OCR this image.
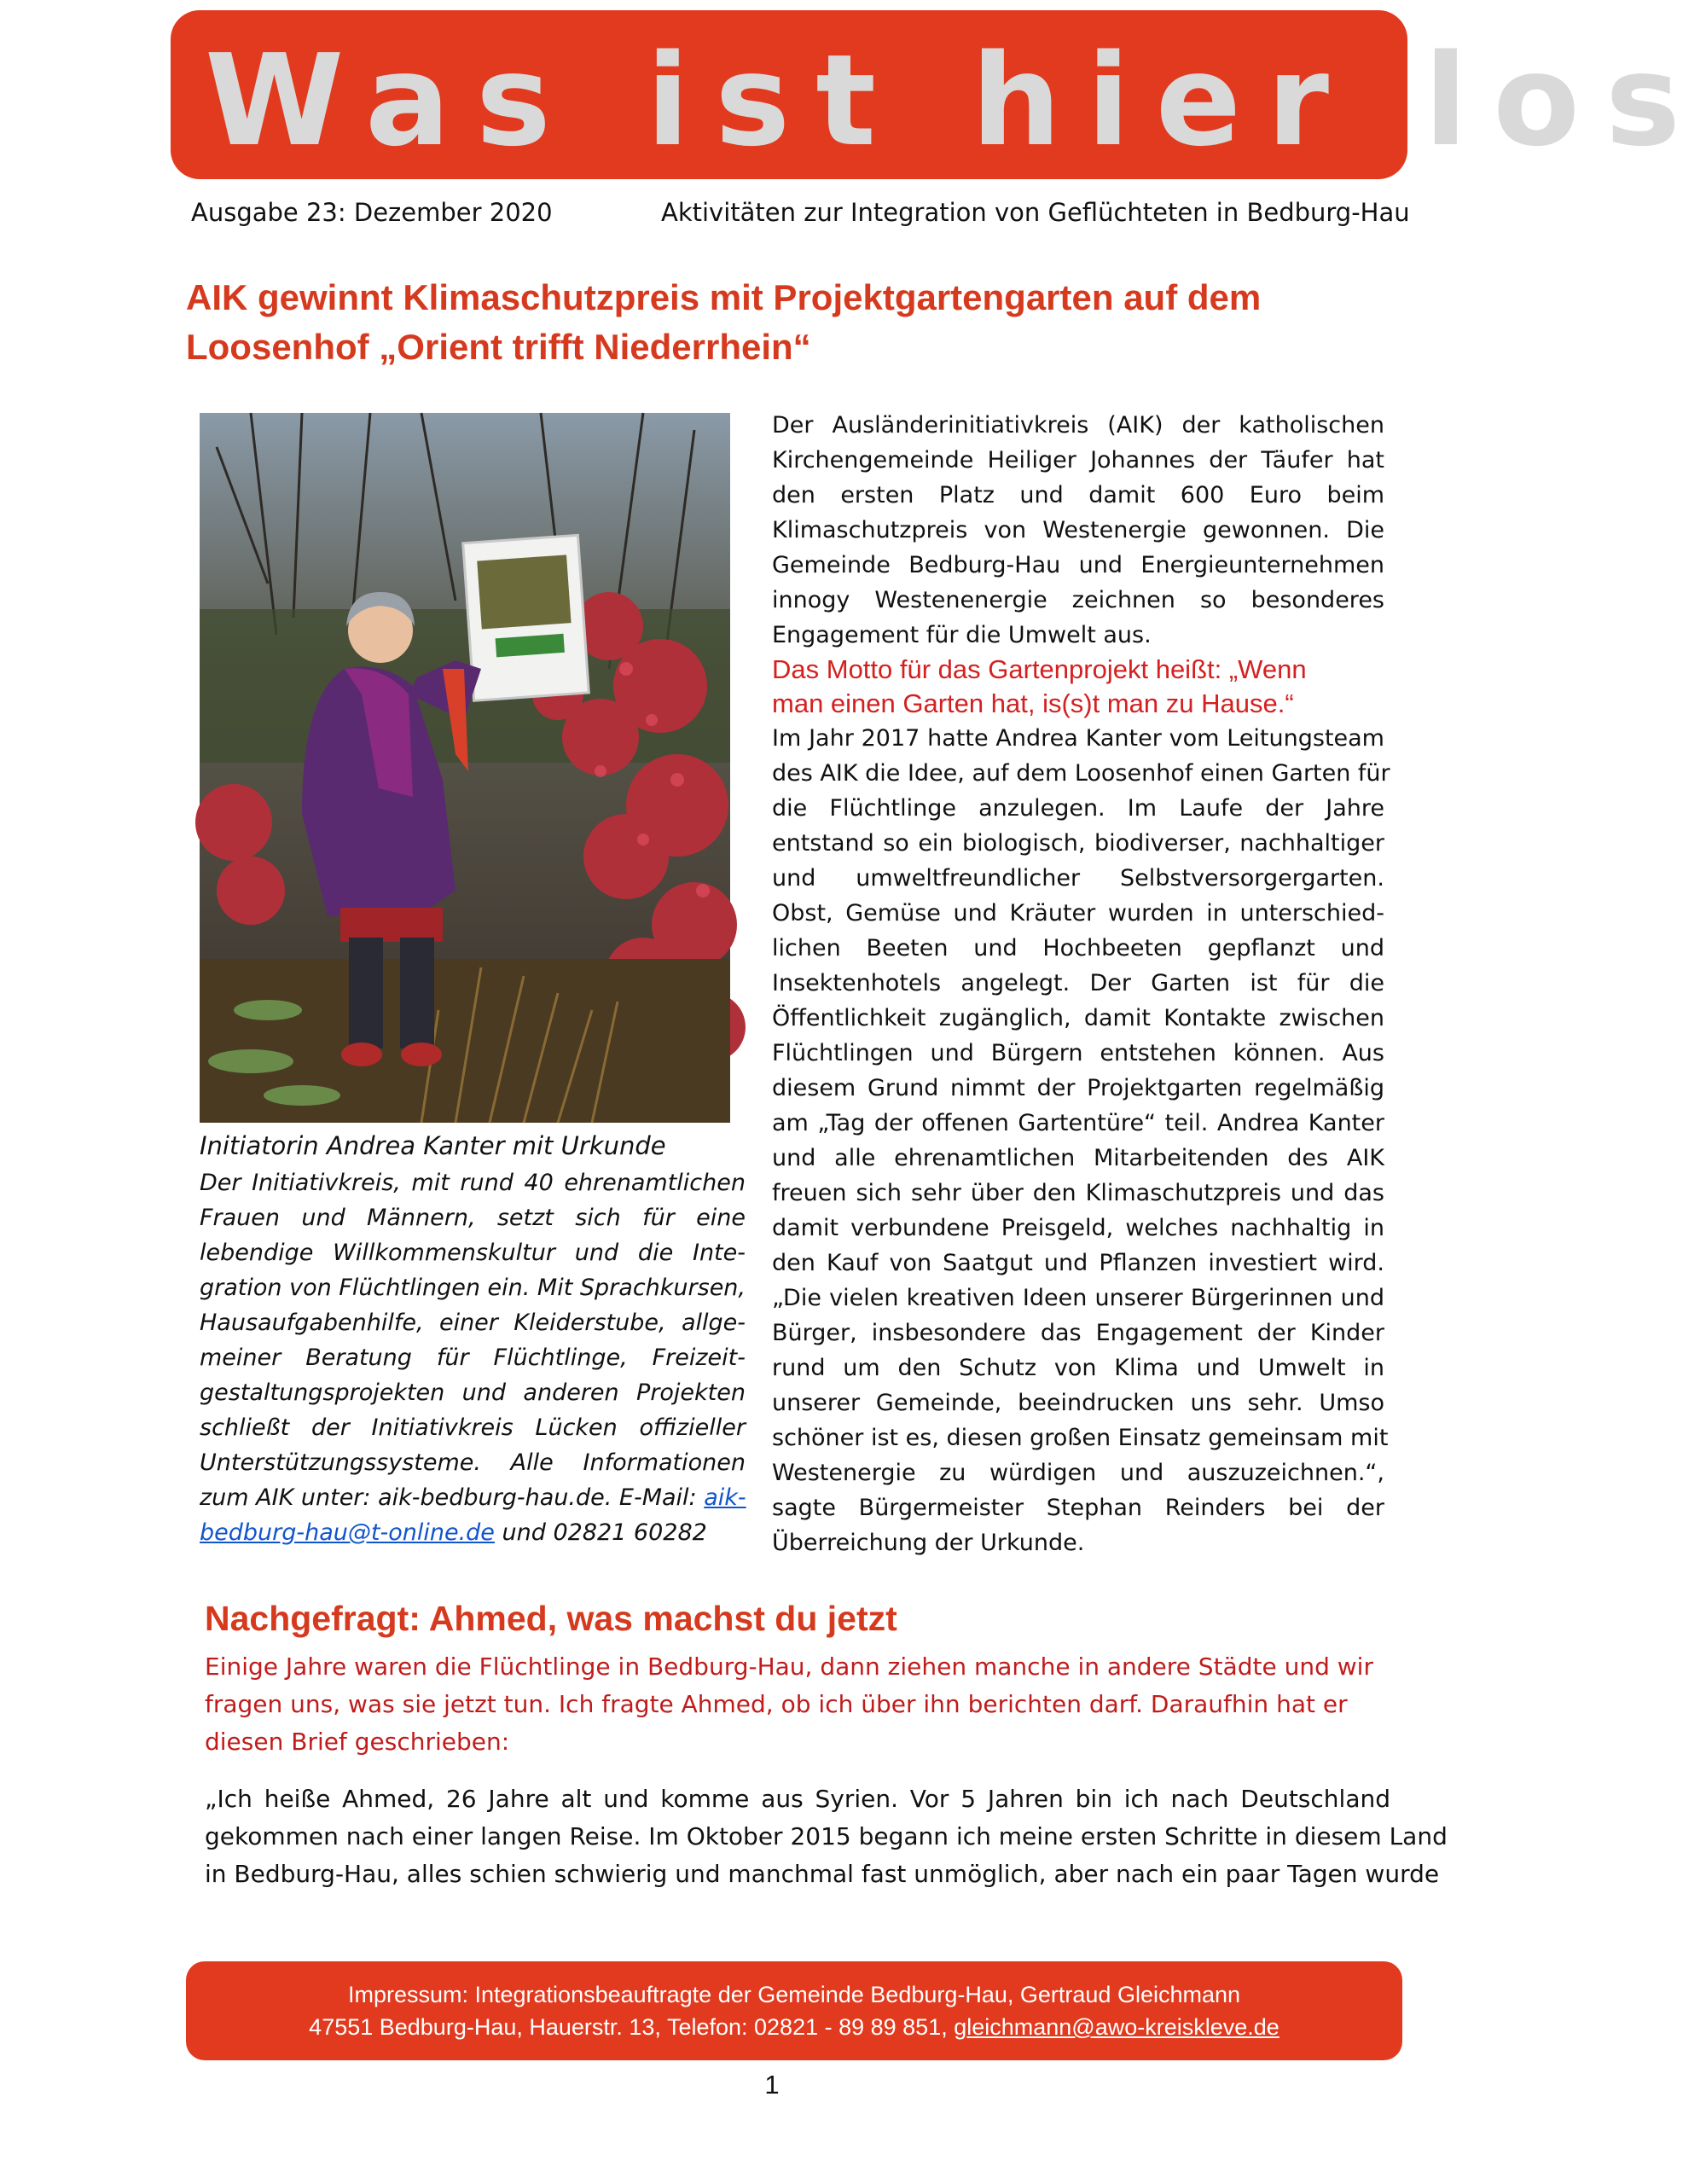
Was ist hier los
Ausgabe 23: Dezember 2020	Aktivitäten zur Integration von Geflüchteten in Bedburg-Hau
AIK gewinnt Klimaschutzpreis mit Projektgartengarten auf dem
Loosenhof „Orient trifft Niederrhein“
Initiatorin Andrea Kanter mit Urkunde
Der Initiativkreis, mit rund 40 ehrenamtlichen
Frauen und Männern, setzt sich für eine
lebendige Willkommenskultur und die Inte-
gration von Flüchtlingen ein. Mit Sprachkursen,
Hausaufgabenhilfe, einer Kleiderstube, allge-
meiner Beratung für Flüchtlinge, Freizeit-
gestaltungsprojekten und anderen Projekten
schließt der Initiativkreis Lücken offizieller
Unterstützungssysteme. Alle Informationen
zum AIK unter: aik-bedburg-hau.de. E-Mail: aik-
bedburg-hau@t-online.de und 02821 60282
Der Ausländerinitiativkreis (AIK) der katholischen
Kirchengemeinde Heiliger Johannes der Täufer hat
den ersten Platz und damit 600 Euro beim
Klimaschutzpreis von Westenergie gewonnen. Die
Gemeinde Bedburg-Hau und Energieunternehmen
innogy Westenenergie zeichnen so besonderes
Engagement für die Umwelt aus.
Das Motto für das Gartenprojekt heißt: „Wenn
man einen Garten hat, is(s)t man zu Hause.“
Im Jahr 2017 hatte Andrea Kanter vom Leitungsteam
des AIK die Idee, auf dem Loosenhof einen Garten für
die Flüchtlinge anzulegen. Im Laufe der Jahre
entstand so ein biologisch, biodiverser, nachhaltiger
und umweltfreundlicher Selbstversorgergarten.
Obst, Gemüse und Kräuter wurden in unterschied-
lichen Beeten und Hochbeeten gepflanzt und
Insektenhotels angelegt. Der Garten ist für die
Öffentlichkeit zugänglich, damit Kontakte zwischen
Flüchtlingen und Bürgern entstehen können. Aus
diesem Grund nimmt der Projektgarten regelmäßig
am „Tag der offenen Gartentüre“ teil. Andrea Kanter
und alle ehrenamtlichen Mitarbeitenden des AIK
freuen sich sehr über den Klimaschutzpreis und das
damit verbundene Preisgeld, welches nachhaltig in
den Kauf von Saatgut und Pflanzen investiert wird.
„Die vielen kreativen Ideen unserer Bürgerinnen und
Bürger, insbesondere das Engagement der Kinder
rund um den Schutz von Klima und Umwelt in
unserer Gemeinde, beeindrucken uns sehr. Umso
schöner ist es, diesen großen Einsatz gemeinsam mit
Westenergie zu würdigen und auszuzeichnen.“,
sagte Bürgermeister Stephan Reinders bei der
Überreichung der Urkunde.
Nachgefragt: Ahmed, was machst du jetzt
Einige Jahre waren die Flüchtlinge in Bedburg-Hau, dann ziehen manche in andere Städte und wir
fragen uns, was sie jetzt tun. Ich fragte Ahmed, ob ich über ihn berichten darf. Daraufhin hat er
diesen Brief geschrieben:
„Ich heiße Ahmed, 26 Jahre alt und komme aus Syrien. Vor 5 Jahren bin ich nach Deutschland
gekommen nach einer langen Reise. Im Oktober 2015 begann ich meine ersten Schritte in diesem Land
in Bedburg-Hau, alles schien schwierig und manchmal fast unmöglich, aber nach ein paar Tagen wurde
Impressum: Integrationsbeauftragte der Gemeinde Bedburg-Hau, Gertraud Gleichmann
47551 Bedburg-Hau, Hauerstr. 13, Telefon: 02821 - 89 89 851, gleichmann@awo-kreiskleve.de
1
